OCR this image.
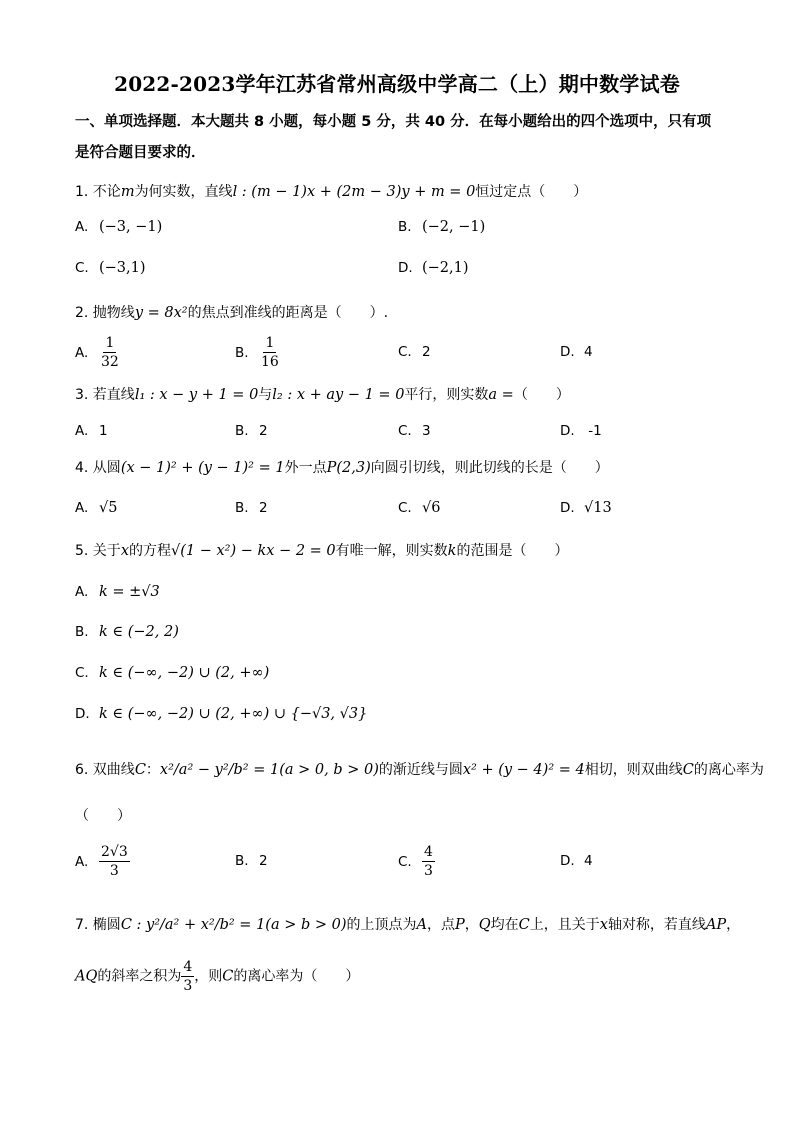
2022-2023学年江苏省常州高级中学高二（上）期中数学试卷
一、单项选择题．本大题共 8 小题，每小题 5 分，共 40 分．在每小题给出的四个选项中，只有项是符合题目要求的．
1. 不论m为何实数，直线l : (m − 1)x + (2m − 3)y + m = 0恒过定点（　　）
A. (−3, −1)	B. (−2, −1)
C. (−3,1)	D. (−2,1)
2. 抛物线y = 8x²的焦点到准线的距离是（　　）.
A. $\frac{1}{32}$	B. $\frac{1}{16}$	C. 2	D. 4
3. 若直线l₁ : x − y + 1 = 0与l₂ : x + ay − 1 = 0平行，则实数a =（　　）
A. 1	B. 2	C. 3	D. -1
4. 从圆(x − 1)² + (y − 1)² = 1外一点P(2,3)向圆引切线，则此切线的长是（　　）
A. √5	B. 2	C. √6	D. √13
5. 关于x的方程√(1 − x²) − kx − 2 = 0有唯一解，则实数k的范围是（　　）
A. k = ±√3
B. k ∈ (−2, 2)
C. k ∈ (−∞, −2) ∪ (2, +∞)
D. k ∈ (−∞, −2) ∪ (2, +∞) ∪ {−√3, √3}
6. 双曲线C：x²/a² − y²/b² = 1(a > 0, b > 0)的渐近线与圆x² + (y − 4)² = 4相切，则双曲线C的离心率为
（　　）
A. $\frac{2√3}{3}$	B. 2	C. $\frac{4}{3}$	D. 4
7. 椭圆C : y²/a² + x²/b² = 1(a > b > 0)的上顶点为A，点P，Q均在C上，且关于x轴对称，若直线AP，
AQ的斜率之积为 $\frac{4}{3}$ ，则C的离心率为（　　）
